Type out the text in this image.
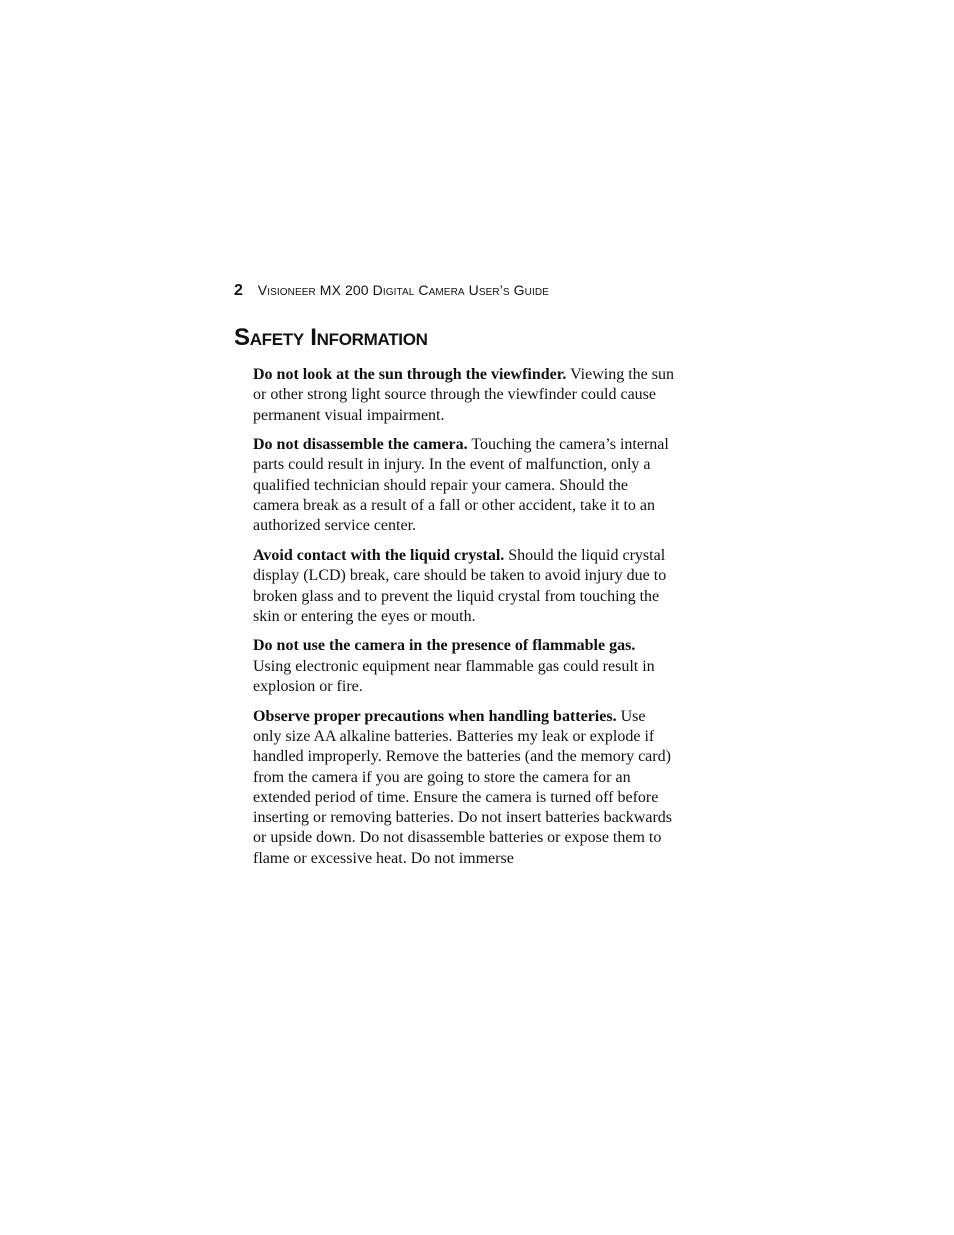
2 Visioneer MX 200 Digital Camera User’s Guide
Safety Information

Do not look at the sun through the viewfinder. Viewing the sun or other strong light source through the viewfinder could cause permanent visual impairment.

Do not disassemble the camera. Touching the camera’s internal parts could result in injury. In the event of malfunction, only a qualified technician should repair your camera. Should the camera break as a result of a fall or other accident, take it to an authorized service center.

Avoid contact with the liquid crystal. Should the liquid crystal display (LCD) break, care should be taken to avoid injury due to broken glass and to prevent the liquid crystal from touching the skin or entering the eyes or mouth.

Do not use the camera in the presence of flammable gas. Using electronic equipment near flammable gas could result in explosion or fire.

Observe proper precautions when handling batteries. Use only size AA alkaline batteries. Batteries my leak or explode if handled improperly. Remove the batteries (and the memory card) from the camera if you are going to store the camera for an extended period of time. Ensure the camera is turned off before inserting or removing batteries. Do not insert batteries backwards or upside down. Do not disassemble batteries or expose them to flame or excessive heat. Do not immerse
